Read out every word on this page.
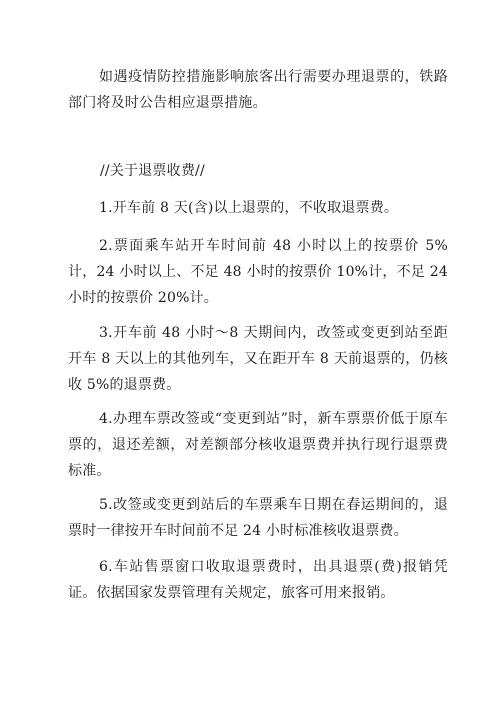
如遇疫情防控措施影响旅客出行需要办理退票的，铁路部门将及时公告相应退票措施。

//关于退票收费//

1.开车前 8 天(含)以上退票的，不收取退票费。

2.票面乘车站开车时间前 48 小时以上的按票价 5%计，24 小时以上、不足 48 小时的按票价 10%计，不足 24 小时的按票价 20%计。

3.开车前 48 小时～8 天期间内，改签或变更到站至距开车 8 天以上的其他列车，又在距开车 8 天前退票的，仍核收 5%的退票费。

4.办理车票改签或“变更到站”时，新车票票价低于原车票的，退还差额，对差额部分核收退票费并执行现行退票费标准。

5.改签或变更到站后的车票乘车日期在春运期间的，退票时一律按开车时间前不足 24 小时标准核收退票费。

6.车站售票窗口收取退票费时，出具退票(费)报销凭证。依据国家发票管理有关规定，旅客可用来报销。
